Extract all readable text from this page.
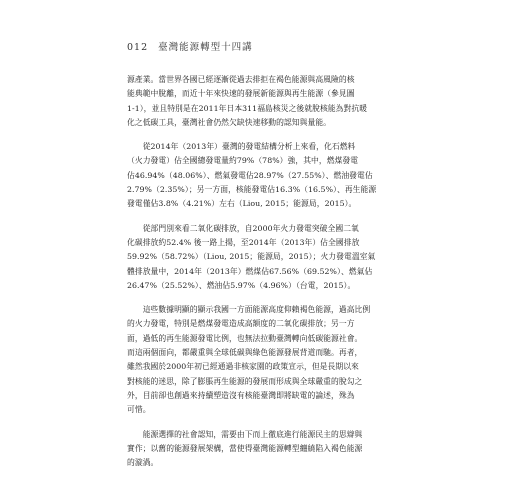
012 臺灣能源轉型十四講

源產業。當世界各國已經逐漸從過去排拒在褐色能源與高風險的核
能典範中脫離，而近十年來快速的發展新能源與再生能源（參見圖
1-1），並且特別是在2011年日本311福島核災之後就脫核能為對抗暖
化之低碳工具，臺灣社會仍然欠缺快速移動的認知與量能。

　　從2014年（2013年）臺灣的發電結構分析上來看，化石燃料
（火力發電）佔全國總發電量約79%（78%）強，其中，燃煤發電
佔46.94%（48.06%）、燃氣發電佔28.97%（27.55%）、燃油發電佔
2.79%（2.35%）；另一方面，核能發電佔16.3%（16.5%）、再生能源
發電僅佔3.8%（4.21%）左右（Liou, 2015；能源局，2015）。

　　從部門別來看二氧化碳排放，自2000年火力發電突破全國二氧
化碳排放約52.4% 後一路上揚，至2014年（2013年）佔全國排放
59.92%（58.72%）（Liou, 2015；能源局，2015）；火力發電溫室氣
體排放量中，2014年（2013年）燃煤佔67.56%（69.52%）、燃氣佔
26.47%（25.52%）、燃油佔5.97%（4.96%）（台電，2015）。

　　這些數據明顯的顯示我國一方面能源高度仰賴褐色能源，過高比例
的火力發電，特別是燃煤發電造成高額度的二氧化碳排放；另一方
面，過低的再生能源發電比例，也無法拉動臺灣轉向低碳能源社會。
而這兩個面向，都嚴重與全球低碳與綠色能源發展背道而馳。再者，
雖然我國於2000年初已經通過非核家園的政策宣示，但是長期以來
對核能的迷思，除了膨脹再生能源的發展而形成與全球嚴重的脫勾之
外，目前卻也創過來持續塑造沒有核能臺灣即將缺電的論述，殊為
可惜。

　　能源選擇的社會認知，需要由下而上徹底進行能源民主的思辯與
實作；以舊的能源發展架構，當使得臺灣能源轉型纏繞陷入褐色能源
的漩渦。
